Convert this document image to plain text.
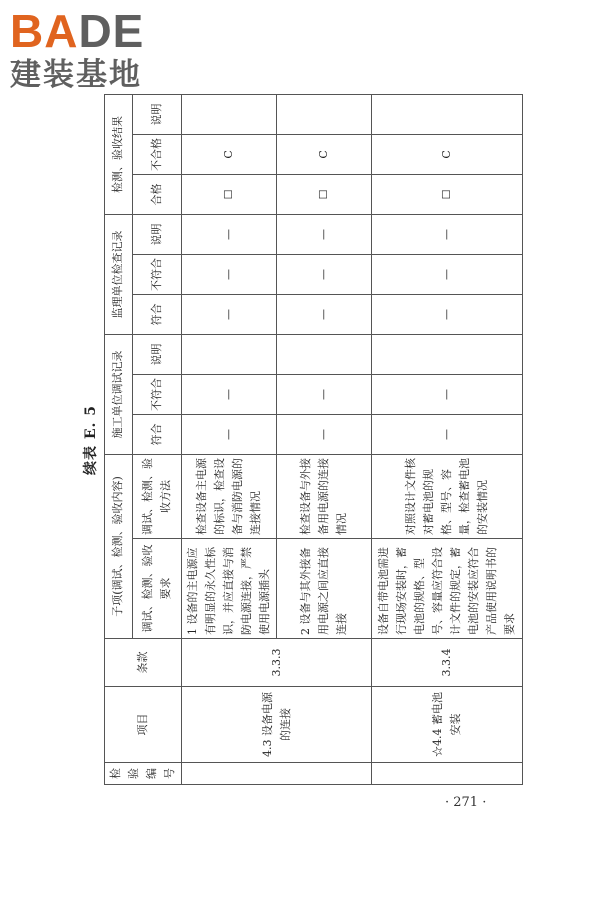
BADE
建装基地
续表 E. 5
检验编号	项目	条款	子项(调试、检测、验收内容)		施工单位调试记录			监理单位检查记录			检测、验收结果		

			调试、检测、验收要求	调试、检测、验收方法	符合	不符合	说明	符合	不符合	说明	合格	不合格	说明
	4.3 设备电源的连接	3.3.3	1 设备的主电源应有明显的永久性标识，并应直接与消防电源连接，严禁使用电源插头	检查设备主电源的标识，检查设备与消防电源的连接情况	—	—		—	—	—	☐	C	
			2 设备与其外接备用电源之间应直接连接	检查设备与外接备用电源的连接情况	—	—		—	—	—	☐	C	
	☆4.4 蓄电池安装	3.3.4	设备自带电池需进行现场安装时，蓄电池的规格、型号、容量应符合设计文件的规定，蓄电池的安装应符合产品使用说明书的要求	对照设计文件核对蓄电池的规格、型号、容量，检查蓄电池的安装情况	—	—		—	—	—	☐	C	
· 271 ·
